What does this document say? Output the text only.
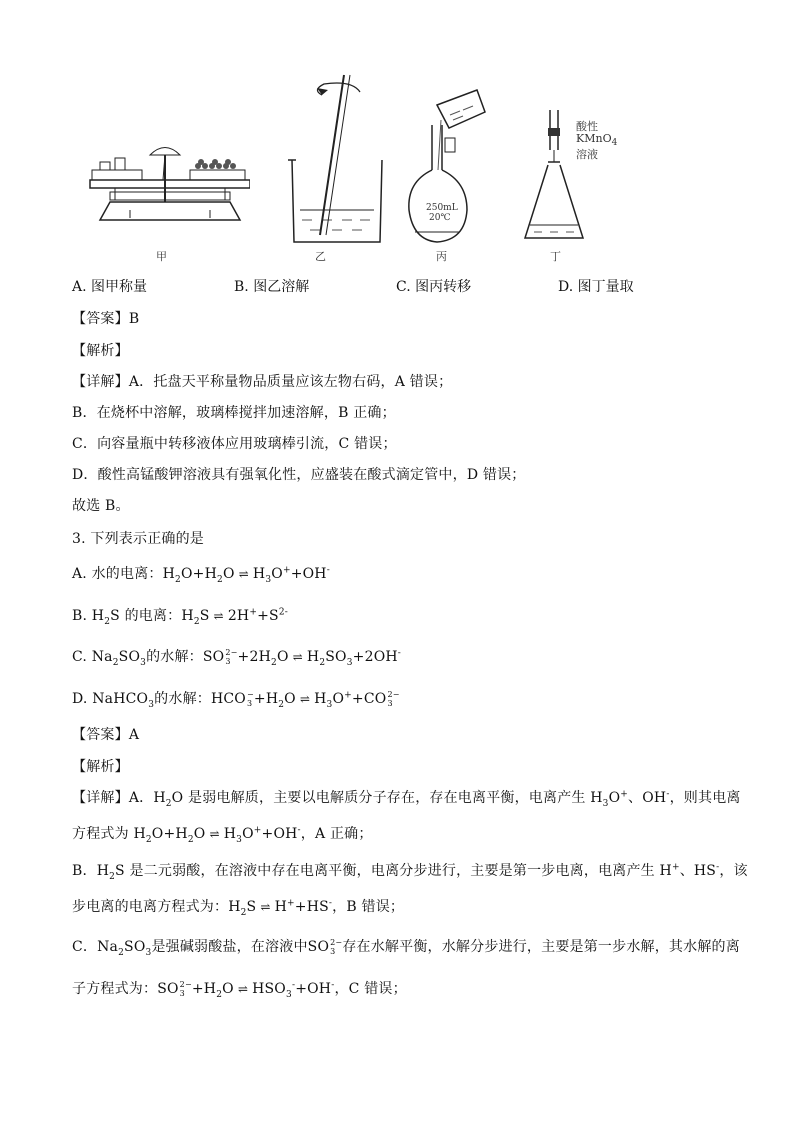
甲	乙
250mL
20℃
丙
酸性
KMnO$_4$
溶液
丁
A. 图甲称量	B. 图乙溶解	C. 图丙转移	D. 图丁量取
【答案】B
【解析】
【详解】A．托盘天平称量物品质量应该左物右码，A 错误；
B．在烧杯中溶解，玻璃棒搅拌加速溶解，B 正确；
C．向容量瓶中转移液体应用玻璃棒引流，C 错误；
D．酸性高锰酸钾溶液具有强氧化性，应盛装在酸式滴定管中，D 错误；
故选 B。
3. 下列表示正确的是
A. 水的电离：$H_2O+H_2O$ ⇌ $H_3O^++OH^-$
B. $H_2S$ 的电离：$H_2S$ ⇌ $2H^++S^{2-}$
C. $Na_2SO_3$的水解：SO 2−
$3 +2H_2O$ ⇌ $H_2SO_3+2OH^-$
D. NaHCO$_3$的水解：HCO −
$3 +H_2O$ ⇌ $H_3O^++CO$ 2−
3
【答案】A
【解析】
【详解】A．$H_2O$ 是弱电解质，主要以电解质分子存在，存在电离平衡，电离产生 $H_3O^+$、OH-，则其电离
方程式为 $H_2O+H_2O$ ⇌ $H_3O^++OH^-$，A 正确；
B．$H_2S$ 是二元弱酸，在溶液中存在电离平衡，电离分步进行，主要是第一步电离，电离产生 H+、HS-，该
步电离的电离方程式为：$H_2S$ ⇌ H++HS-，B 错误；
C．$Na_2SO_3$是强碱弱酸盐，在溶液中SO 2−
3 存在水解平衡，水解分步进行，主要是第一步水解，其水解的离
子方程式为：SO 2−
$3 +H_2O$ ⇌ $HSO_3^-+OH^-$，C 错误；
